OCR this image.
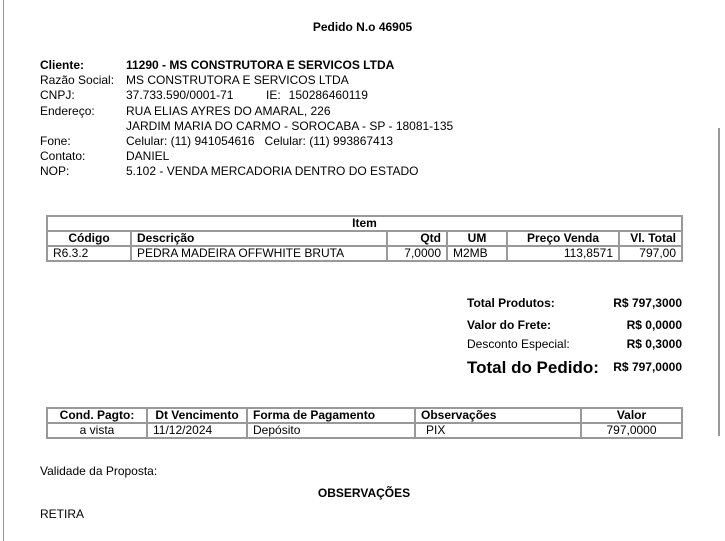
Pedido N.o 46905
Cliente:	11290 - MS CONSTRUTORA E SERVICOS LTDA
Razão Social: MS CONSTRUTORA E SERVICOS LTDA
CNPJ:	37.733.590/0001-71	IE: 150286460119
Endereço:	RUA ELIAS AYRES DO AMARAL, 226
JARDIM MARIA DO CARMO - SOROCABA - SP - 18081-135
Fone:	Celular: (11) 941054616   Celular: (11) 993867413
Contato:	DANIEL
NOP:	5.102 - VENDA MERCADORIA DENTRO DO ESTADO
Item					
Código	Descrição	Qtd	UM	Preço Venda	Vl. Total
R6.3.2	PEDRA MADEIRA OFFWHITE BRUTA	7,0000	M2MB	113,8571	797,00
Total Produtos:	R$ 797,3000
Valor do Frete:	R$ 0,0000
Desconto Especial:	R$ 0,3000
Total do Pedido: R$ 797,0000
Cond. Pagto:	Dt Vencimento	Forma de Pagamento	Observações	Valor
a vista	11/12/2024	Depósito	PIX	797,0000
Validade da Proposta:
OBSERVAÇÕES
RETIRA
